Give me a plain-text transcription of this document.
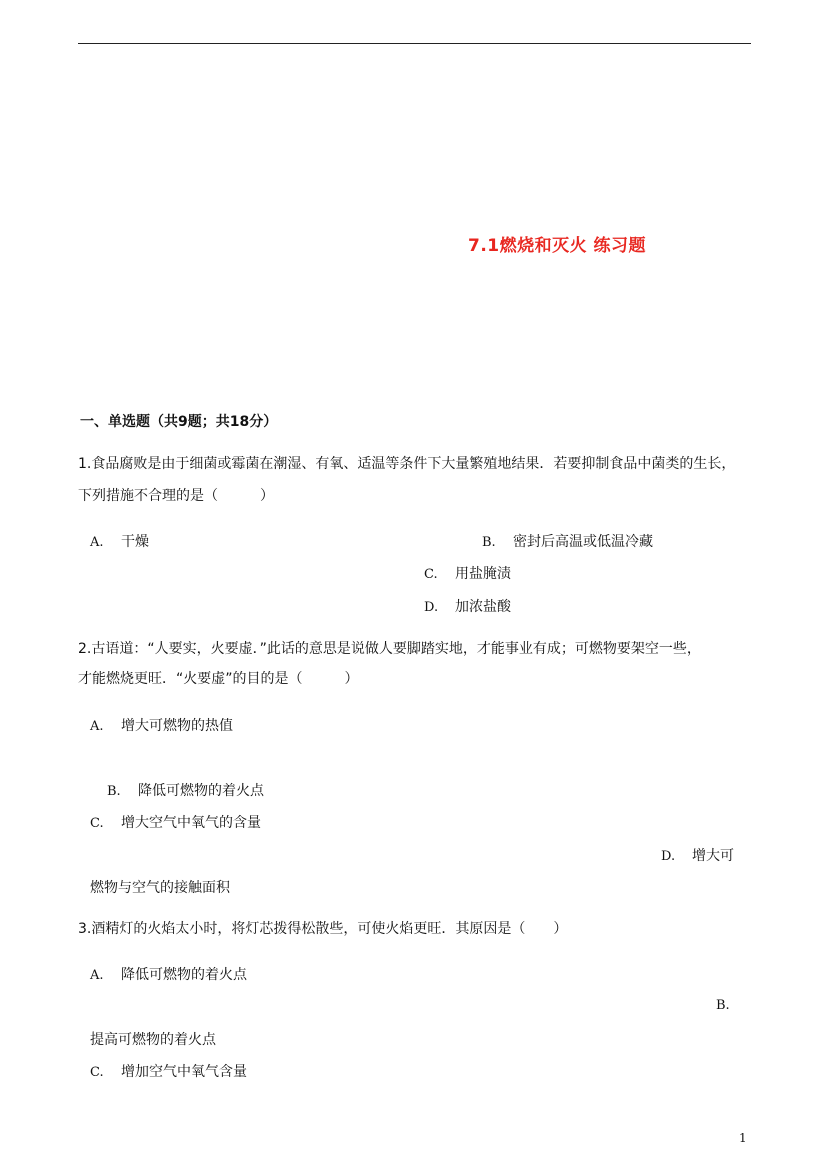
7.1燃烧和灭火 练习题
一、单选题（共9题；共18分）
1.食品腐败是由于细菌或霉菌在潮湿、有氧、适温等条件下大量繁殖地结果．若要抑制食品中菌类的生长，
下列措施不合理的是（　　　）
A. 干燥	B. 密封后高温或低温冷藏
C. 用盐腌渍
D. 加浓盐酸
2.古语道：“人要实，火要虚．”此话的意思是说做人要脚踏实地，才能事业有成；可燃物要架空一些，
才能燃烧更旺．“火要虚”的目的是（　　　）
A. 增大可燃物的热值
B. 降低可燃物的着火点
C. 增大空气中氧气的含量
D. 增大可
燃物与空气的接触面积
3.酒精灯的火焰太小时，将灯芯拨得松散些，可使火焰更旺．其原因是（　　）
A. 降低可燃物的着火点
B.
提高可燃物的着火点
C. 增加空气中氧气含量
1
